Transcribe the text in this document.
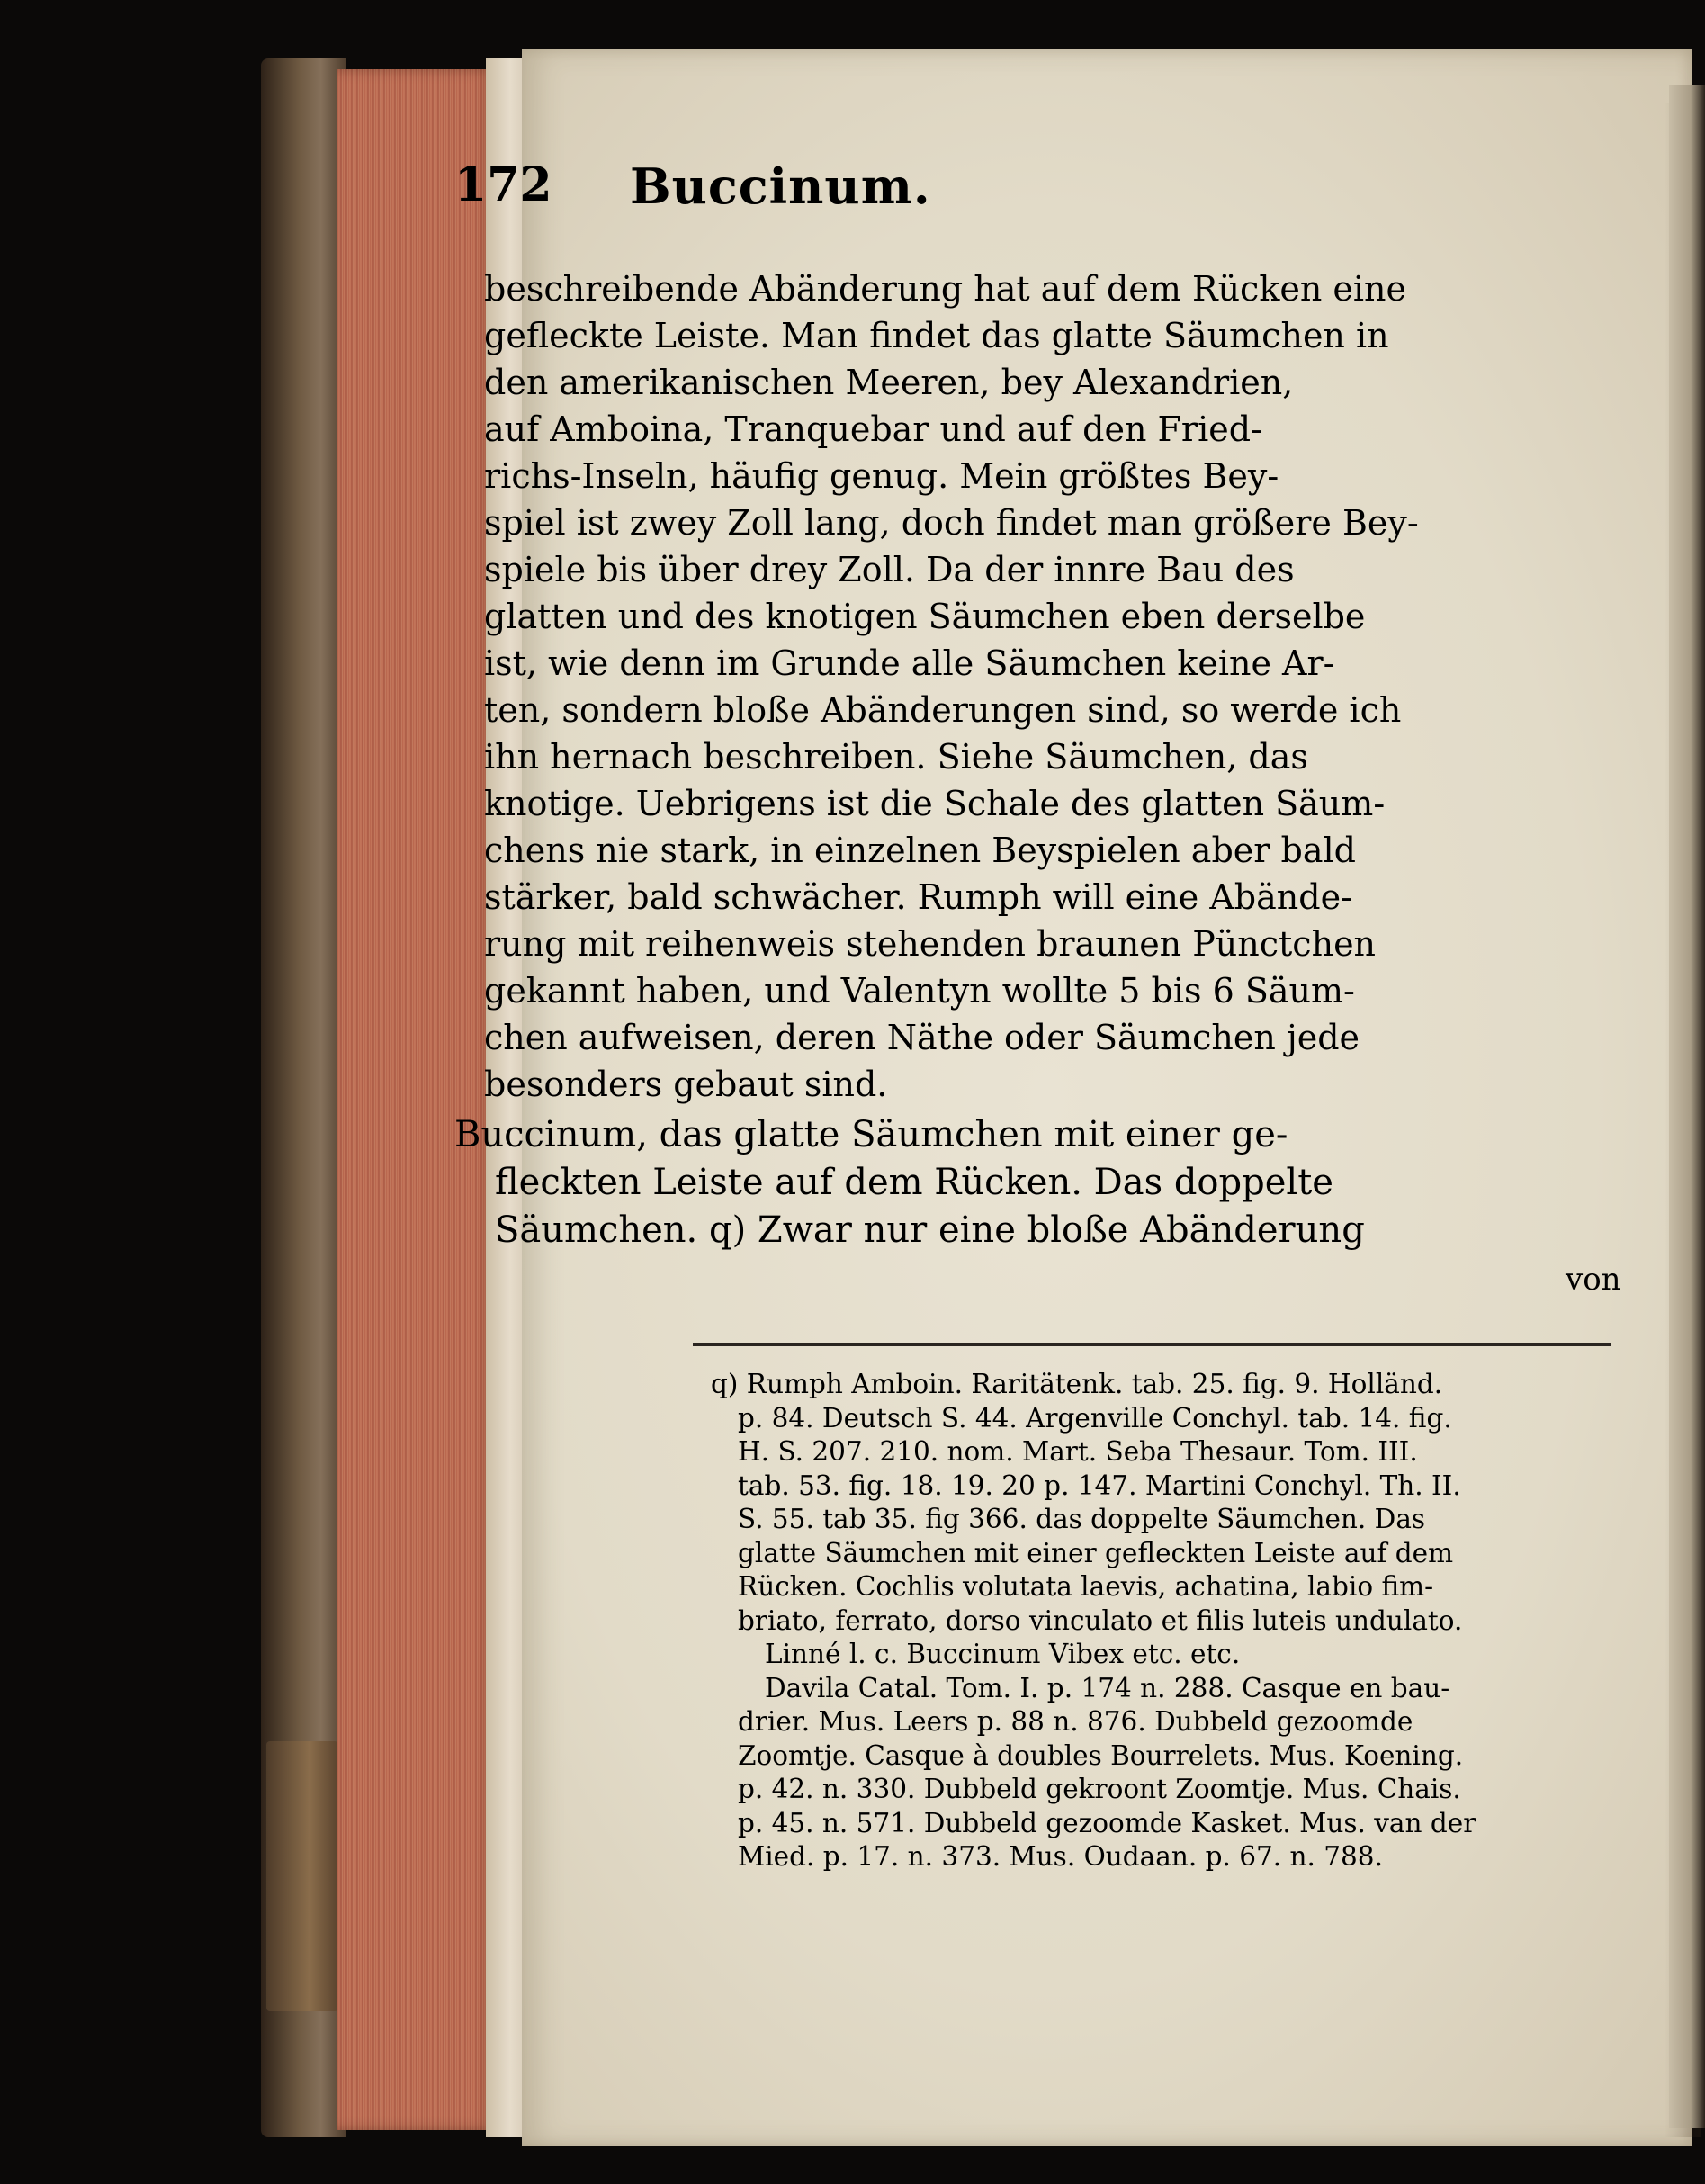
172 Buccinum.
beschreibende Abänderung hat auf dem Rücken eine
gefleckte Leiste. Man findet das glatte Säumchen in
den amerikanischen Meeren, bey Alexandrien,
auf Amboina, Tranquebar und auf den Fried-
richs-Inseln, häufig genug. Mein größtes Bey-
spiel ist zwey Zoll lang, doch findet man größere Bey-
spiele bis über drey Zoll. Da der innre Bau des
glatten und des knotigen Säumchen eben derselbe
ist, wie denn im Grunde alle Säumchen keine Ar-
ten, sondern bloße Abänderungen sind, so werde ich
ihn hernach beschreiben. Siehe Säumchen, das
knotige. Uebrigens ist die Schale des glatten Säum-
chens nie stark, in einzelnen Beyspielen aber bald
stärker, bald schwächer. Rumph will eine Abände-
rung mit reihenweis stehenden braunen Pünctchen
gekannt haben, und Valentyn wollte 5 bis 6 Säum-
chen aufweisen, deren Näthe oder Säumchen jede
besonders gebaut sind.
Buccinum, das glatte Säumchen mit einer ge-
fleckten Leiste auf dem Rücken. Das doppelte
Säumchen. q) Zwar nur eine bloße Abänderung
von
q) Rumph Amboin. Raritätenk. tab. 25. fig. 9. Holländ.
p. 84. Deutsch S. 44. Argenville Conchyl. tab. 14. fig.
H. S. 207. 210. nom. Mart. Seba Thesaur. Tom. III.
tab. 53. fig. 18. 19. 20 p. 147. Martini Conchyl. Th. II.
S. 55. tab 35. fig 366. das doppelte Säumchen. Das
glatte Säumchen mit einer gefleckten Leiste auf dem
Rücken. Cochlis volutata laevis, achatina, labio fim-
briato, ferrato, dorso vinculato et filis luteis undulato.
Linné l. c. Buccinum Vibex etc. etc.
Davila Catal. Tom. I. p. 174 n. 288. Casque en bau-
drier. Mus. Leers p. 88 n. 876. Dubbeld gezoomde
Zoomtje. Casque à doubles Bourrelets. Mus. Koening.
p. 42. n. 330. Dubbeld gekroont Zoomtje. Mus. Chais.
p. 45. n. 571. Dubbeld gezoomde Kasket. Mus. van der
Mied. p. 17. n. 373. Mus. Oudaan. p. 67. n. 788.
